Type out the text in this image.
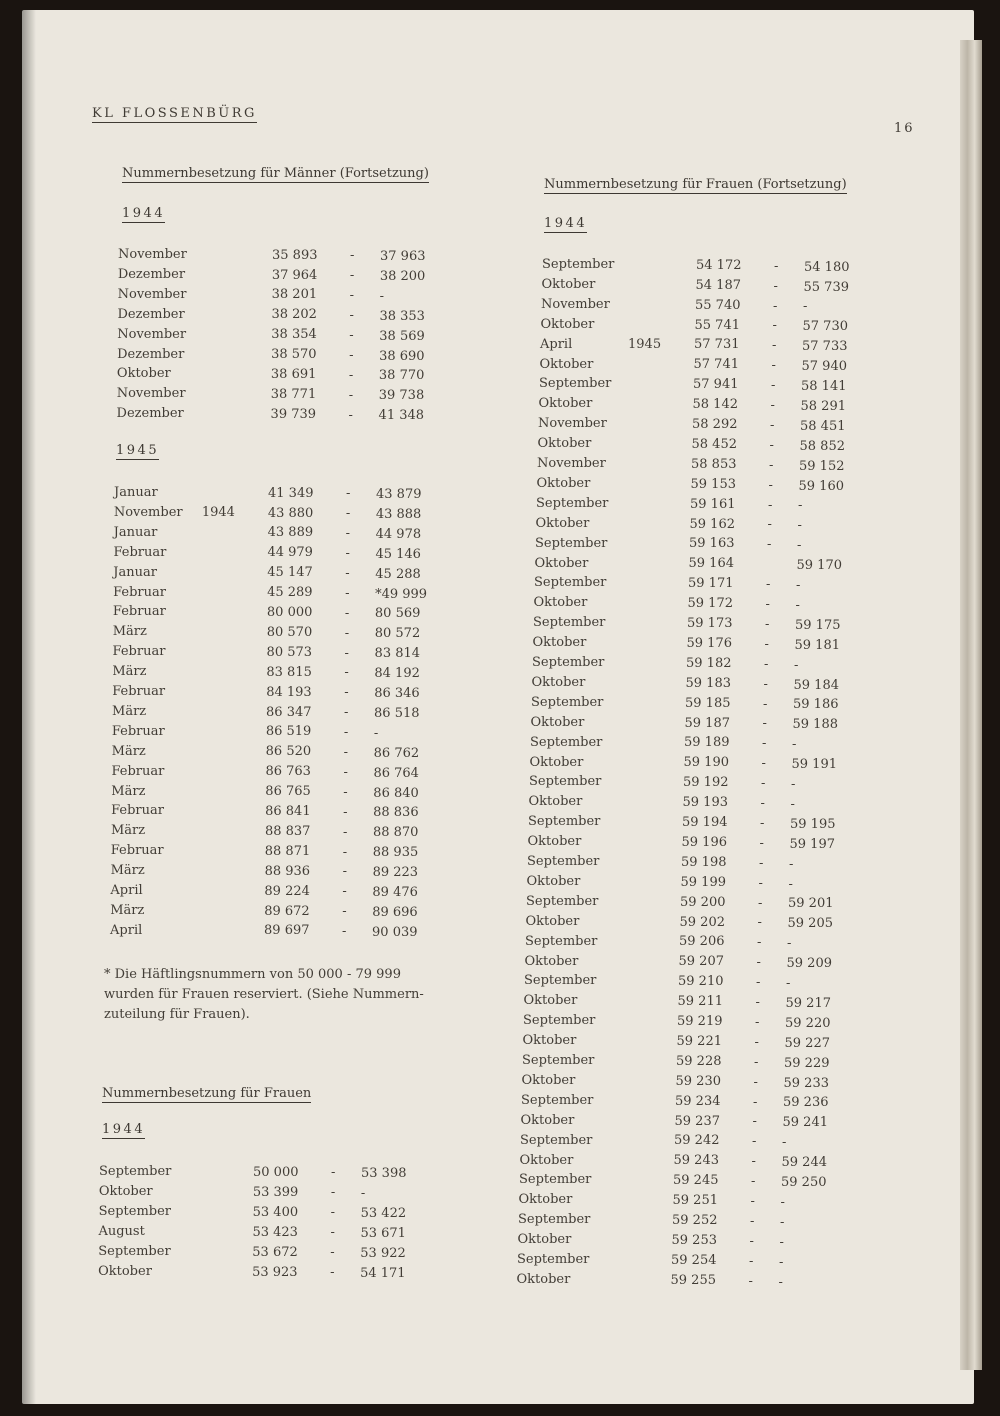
KL FLOSSENBÜRG
16
Nummernbesetzung für Männer (Fortsetzung)
1944
1945
* Die Häftlingsnummern von 50 000 - 79 999 wurden für Frauen reserviert. (Siehe Nummern-zuteilung für Frauen).
Nummernbesetzung für Frauen
1944
Nummernbesetzung für Frauen (Fortsetzung)
1944
November	35 893	- 37 963
Dezember	37 964	- 38 200
November	38 201	- -
Dezember	38 202	- 38 353
November	38 354	- 38 569
Dezember	38 570	- 38 690
Oktober	38 691	- 38 770
November	38 771	- 39 738
Dezember	39 739	- 41 348
Januar	41 349	- 43 879
November 1944	43 880	- 43 888
Januar	43 889	- 44 978
Februar	44 979	- 45 146
Januar	45 147	- 45 288
Februar	45 289	- *49 999
Februar	80 000	- 80 569
März	80 570	- 80 572
Februar	80 573	- 83 814
März	83 815	- 84 192
Februar	84 193	- 86 346
März	86 347	- 86 518
Februar	86 519	- -
März	86 520	- 86 762
Februar	86 763	- 86 764
März	86 765	- 86 840
Februar	86 841	- 88 836
März	88 837	- 88 870
Februar	88 871	- 88 935
März	88 936	- 89 223
April	89 224	- 89 476
März	89 672	- 89 696
April	89 697	- 90 039
September	50 000	- 53 398
Oktober	53 399	- -
September	53 400	- 53 422
August	53 423	- 53 671
September	53 672	- 53 922
Oktober	53 923	- 54 171
September	54 172	- 54 180
Oktober	54 187	- 55 739
November	55 740	- -
Oktober	55 741	- 57 730
April	1945	57 731	- 57 733
Oktober	57 741	- 57 940
September	57 941	- 58 141
Oktober	58 142	- 58 291
November	58 292	- 58 451
Oktober	58 452	- 58 852
November	58 853	- 59 152
Oktober	59 153	- 59 160
September	59 161	- -
Oktober	59 162	- -
September	59 163	- -
Oktober	59 164	59 170
September	59 171	- -
Oktober	59 172	- -
September	59 173	- 59 175
Oktober	59 176	- 59 181
September	59 182	- -
Oktober	59 183	- 59 184
September	59 185	- 59 186
Oktober	59 187	- 59 188
September	59 189	- -
Oktober	59 190	- 59 191
September	59 192	- -
Oktober	59 193	- -
September	59 194	- 59 195
Oktober	59 196	- 59 197
September	59 198	- -
Oktober	59 199	- -
September	59 200	- 59 201
Oktober	59 202	- 59 205
September	59 206	- -
Oktober	59 207	- 59 209
September	59 210	- -
Oktober	59 211	- 59 217
September	59 219	- 59 220
Oktober	59 221	- 59 227
September	59 228	- 59 229
Oktober	59 230	- 59 233
September	59 234	- 59 236
Oktober	59 237	- 59 241
September	59 242	- -
Oktober	59 243	- 59 244
September	59 245	- 59 250
Oktober	59 251	- -
September	59 252	- -
Oktober	59 253	- -
September	59 254	- -
Oktober	59 255	- -
